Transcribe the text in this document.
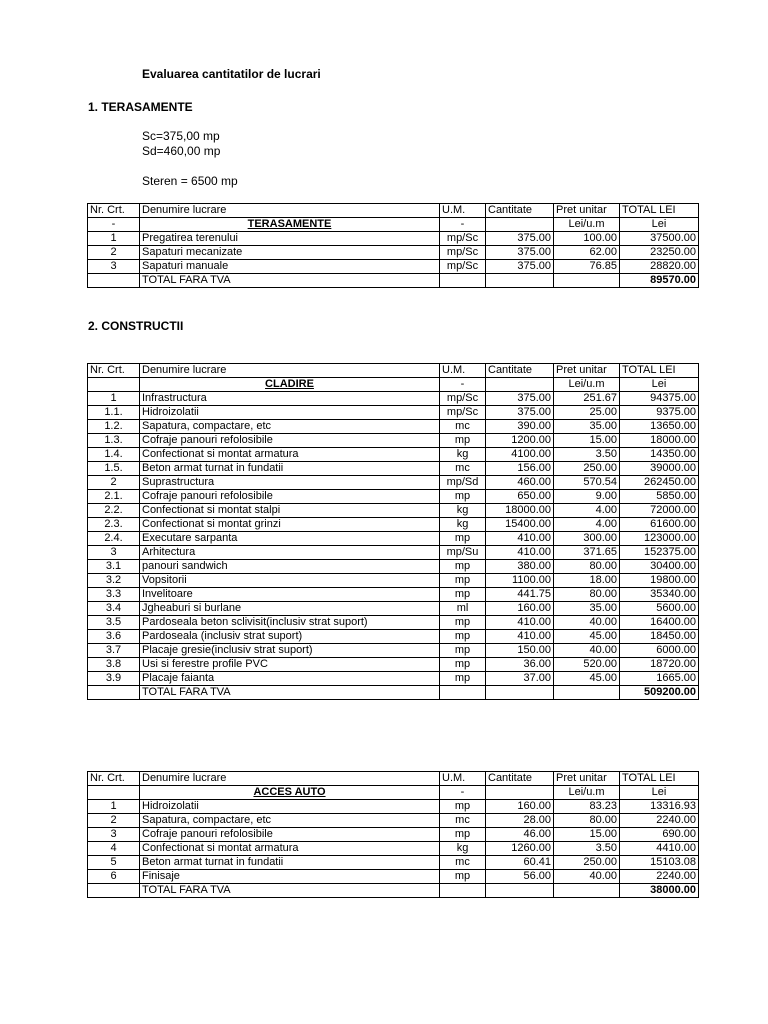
Evaluarea cantitatilor de lucrari
1. TERASAMENTE
Sc=375,00 mp
Sd=460,00 mp
Steren = 6500 mp
Nr. Crt.	Denumire lucrare	U.M.	Cantitate	Pret unitar	TOTAL LEI
-	TERASAMENTE	-		Lei/u.m	Lei
1	Pregatirea terenului	mp/Sc	375.00	100.00	37500.00
2	Sapaturi mecanizate	mp/Sc	375.00	62.00	23250.00
3	Sapaturi manuale	mp/Sc	375.00	76.85	28820.00
	TOTAL FARA TVA				89570.00
2. CONSTRUCTII
Nr. Crt.	Denumire lucrare	U.M.	Cantitate	Pret unitar	TOTAL LEI
	CLADIRE	-		Lei/u.m	Lei
1	Infrastructura	mp/Sc	375.00	251.67	94375.00
1.1.	Hidroizolatii	mp/Sc	375.00	25.00	9375.00
1.2.	Sapatura, compactare, etc	mc	390.00	35.00	13650.00
1.3.	Cofraje panouri refolosibile	mp	1200.00	15.00	18000.00
1.4.	Confectionat si montat armatura	kg	4100.00	3.50	14350.00
1.5.	Beton armat turnat in fundatii	mc	156.00	250.00	39000.00
2	Suprastructura	mp/Sd	460.00	570.54	262450.00
2.1.	Cofraje panouri refolosibile	mp	650.00	9.00	5850.00
2.2.	Confectionat si montat stalpi	kg	18000.00	4.00	72000.00
2.3.	Confectionat si montat grinzi	kg	15400.00	4.00	61600.00
2.4.	Executare sarpanta	mp	410.00	300.00	123000.00
3	Arhitectura	mp/Su	410.00	371.65	152375.00
3.1	panouri sandwich	mp	380.00	80.00	30400.00
3.2	Vopsitorii	mp	1100.00	18.00	19800.00
3.3	Invelitoare	mp	441.75	80.00	35340.00
3.4	Jgheaburi si burlane	ml	160.00	35.00	5600.00
3.5	Pardoseala beton sclivisit(inclusiv strat suport)	mp	410.00	40.00	16400.00
3.6	Pardoseala (inclusiv strat suport)	mp	410.00	45.00	18450.00
3.7	Placaje gresie(inclusiv strat suport)	mp	150.00	40.00	6000.00
3.8	Usi si ferestre profile PVC	mp	36.00	520.00	18720.00
3.9	Placaje faianta	mp	37.00	45.00	1665.00
	TOTAL FARA TVA				509200.00
Nr. Crt.	Denumire lucrare	U.M.	Cantitate	Pret unitar	TOTAL LEI
	ACCES AUTO	-		Lei/u.m	Lei
1	Hidroizolatii	mp	160.00	83.23	13316.93
2	Sapatura, compactare, etc	mc	28.00	80.00	2240.00
3	Cofraje panouri refolosibile	mp	46.00	15.00	690.00
4	Confectionat si montat armatura	kg	1260.00	3.50	4410.00
5	Beton armat turnat in fundatii	mc	60.41	250.00	15103.08
6	Finisaje	mp	56.00	40.00	2240.00
	TOTAL FARA TVA				38000.00
